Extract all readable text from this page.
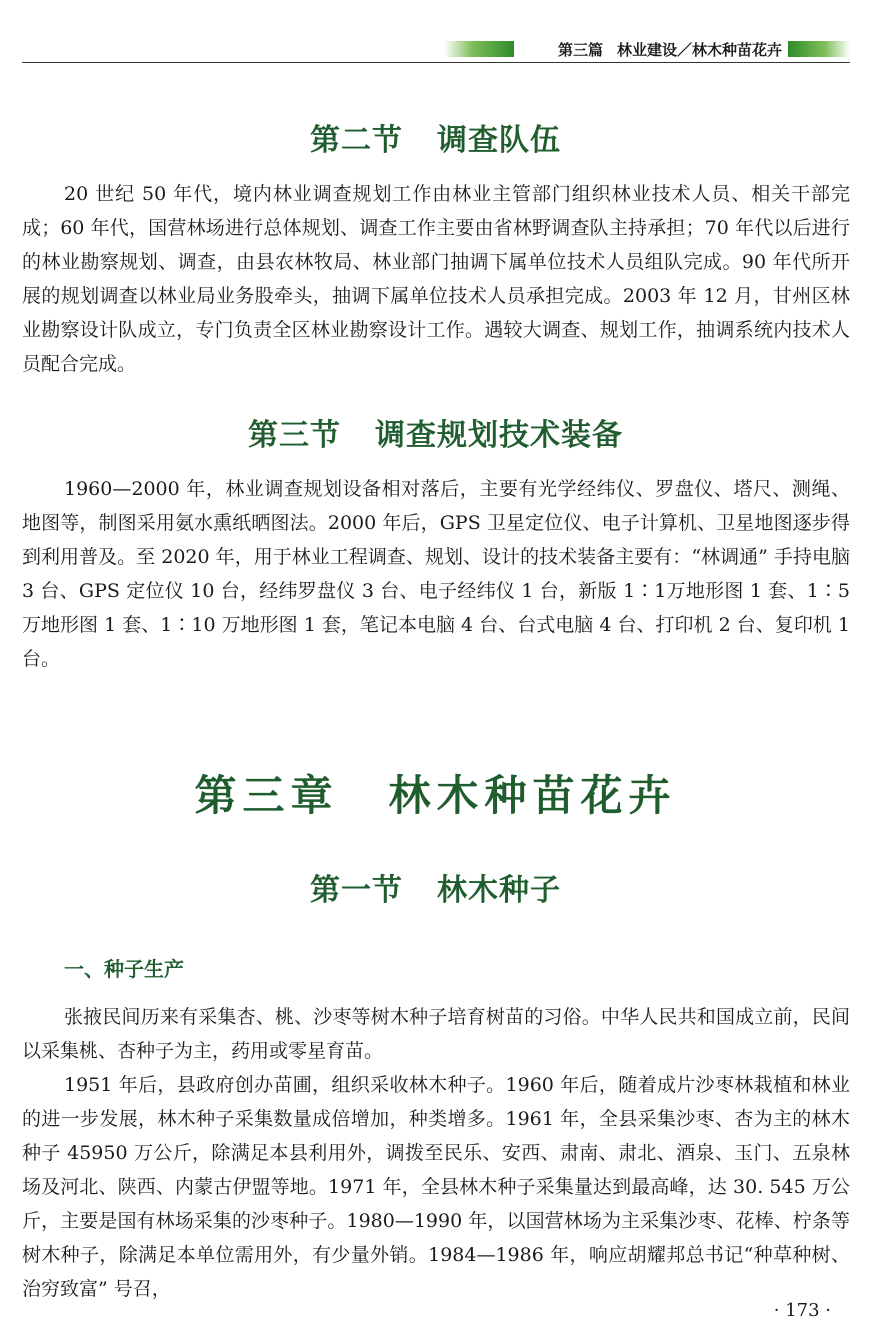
第三篇 林业建设／林木种苗花卉
第二节 调查队伍

20 世纪 50 年代，境内林业调查规划工作由林业主管部门组织林业技术人员、相关干部完成；60 年代，国营林场进行总体规划、调查工作主要由省林野调查队主持承担；70 年代以后进行的林业勘察规划、调查，由县农林牧局、林业部门抽调下属单位技术人员组队完成。90 年代所开展的规划调查以林业局业务股牵头，抽调下属单位技术人员承担完成。2003 年 12 月，甘州区林业勘察设计队成立，专门负责全区林业勘察设计工作。遇较大调查、规划工作，抽调系统内技术人员配合完成。

第三节 调查规划技术装备

1960—2000 年，林业调查规划设备相对落后，主要有光学经纬仪、罗盘仪、塔尺、测绳、地图等，制图采用氨水熏纸晒图法。2000 年后，GPS 卫星定位仪、电子计算机、卫星地图逐步得到利用普及。至 2020 年，用于林业工程调查、规划、设计的技术装备主要有：“林调通” 手持电脑 3 台、GPS 定位仪 10 台，经纬罗盘仪 3 台、电子经纬仪 1 台，新版 1∶1万地形图 1 套、1∶5万地形图 1 套、1∶10 万地形图 1 套，笔记本电脑 4 台、台式电脑 4 台、打印机 2 台、复印机 1 台。

第三章 林木种苗花卉
第一节 林木种子
一、种子生产

张掖民间历来有采集杏、桃、沙枣等树木种子培育树苗的习俗。中华人民共和国成立前，民间以采集桃、杏种子为主，药用或零星育苗。

1951 年后，县政府创办苗圃，组织采收林木种子。1960 年后，随着成片沙枣林栽植和林业的进一步发展，林木种子采集数量成倍增加，种类增多。1961 年，全县采集沙枣、杏为主的林木种子 45950 万公斤，除满足本县利用外，调拨至民乐、安西、肃南、肃北、酒泉、玉门、五泉林场及河北、陕西、内蒙古伊盟等地。1971 年，全县林木种子采集量达到最高峰，达 30. 545 万公斤，主要是国有林场采集的沙枣种子。1980—1990 年，以国营林场为主采集沙枣、花棒、柠条等树木种子，除满足本单位需用外，有少量外销。1984—1986 年，响应胡耀邦总书记“种草种树、治穷致富” 号召，

· 173 ·
